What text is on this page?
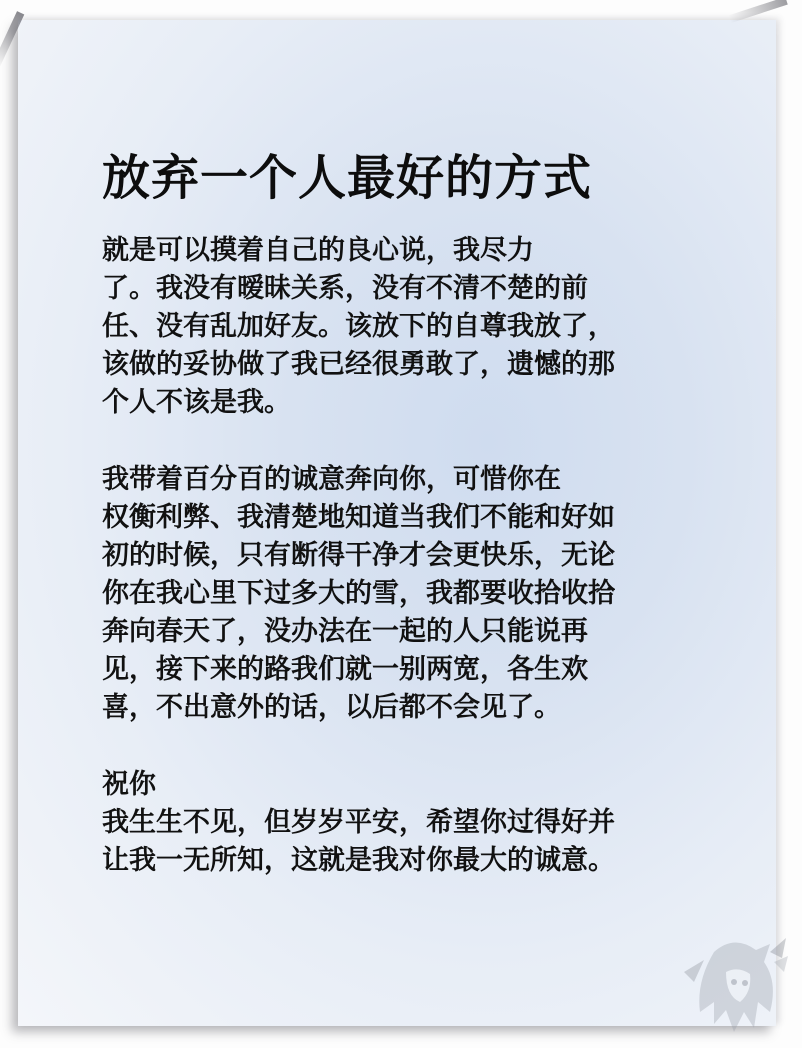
放弃一个人最好的方式

就是可以摸着自己的良心说，我尽力
了。我没有暧昧关系，没有不清不楚的前
任、没有乱加好友。该放下的自尊我放了，
该做的妥协做了我已经很勇敢了，遗憾的那
个人不该是我。

我带着百分百的诚意奔向你，可惜你在
权衡利弊、我清楚地知道当我们不能和好如
初的时候，只有断得干净才会更快乐，无论
你在我心里下过多大的雪，我都要收拾收拾
奔向春天了，没办法在一起的人只能说再
见，接下来的路我们就一别两宽，各生欢
喜，不出意外的话，以后都不会见了。

祝你
我生生不见，但岁岁平安，希望你过得好并
让我一无所知，这就是我对你最大的诚意。
